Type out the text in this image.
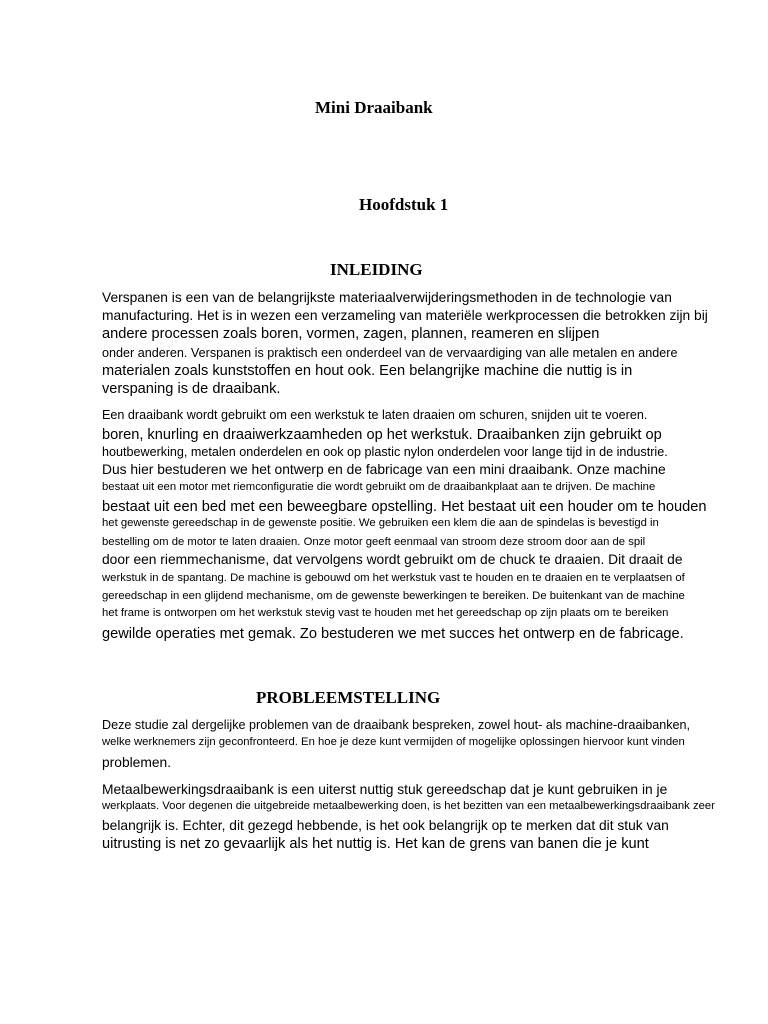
Mini Draaibank
Hoofdstuk 1
INLEIDING
Verspanen is een van de belangrijkste materiaalverwijderingsmethoden in de technologie van
manufacturing. Het is in wezen een verzameling van materiële werkprocessen die betrokken zijn bij
andere processen zoals boren, vormen, zagen, plannen, reameren en slijpen
onder anderen. Verspanen is praktisch een onderdeel van de vervaardiging van alle metalen en andere
materialen zoals kunststoffen en hout ook. Een belangrijke machine die nuttig is in
verspaning is de draaibank.
Een draaibank wordt gebruikt om een werkstuk te laten draaien om schuren, snijden uit te voeren.
boren, knurling en draaiwerkzaamheden op het werkstuk. Draaibanken zijn gebruikt op
houtbewerking, metalen onderdelen en ook op plastic nylon onderdelen voor lange tijd in de industrie.
Dus hier bestuderen we het ontwerp en de fabricage van een mini draaibank. Onze machine
bestaat uit een motor met riemconfiguratie die wordt gebruikt om de draaibankplaat aan te drijven. De machine
bestaat uit een bed met een beweegbare opstelling. Het bestaat uit een houder om te houden
het gewenste gereedschap in de gewenste positie. We gebruiken een klem die aan de spindelas is bevestigd in
bestelling om de motor te laten draaien. Onze motor geeft eenmaal van stroom deze stroom door aan de spil
door een riemmechanisme, dat vervolgens wordt gebruikt om de chuck te draaien. Dit draait de
werkstuk in de spantang. De machine is gebouwd om het werkstuk vast te houden en te draaien en te verplaatsen of
gereedschap in een glijdend mechanisme, om de gewenste bewerkingen te bereiken. De buitenkant van de machine
het frame is ontworpen om het werkstuk stevig vast te houden met het gereedschap op zijn plaats om te bereiken
gewilde operaties met gemak. Zo bestuderen we met succes het ontwerp en de fabricage.
PROBLEEMSTELLING
Deze studie zal dergelijke problemen van de draaibank bespreken, zowel hout- als machine-draaibanken,
welke werknemers zijn geconfronteerd. En hoe je deze kunt vermijden of mogelijke oplossingen hiervoor kunt vinden
problemen.
Metaalbewerkingsdraaibank is een uiterst nuttig stuk gereedschap dat je kunt gebruiken in je
werkplaats. Voor degenen die uitgebreide metaalbewerking doen, is het bezitten van een metaalbewerkingsdraaibank zeer
belangrijk is. Echter, dit gezegd hebbende, is het ook belangrijk op te merken dat dit stuk van
uitrusting is net zo gevaarlijk als het nuttig is. Het kan de grens van banen die je kunt
